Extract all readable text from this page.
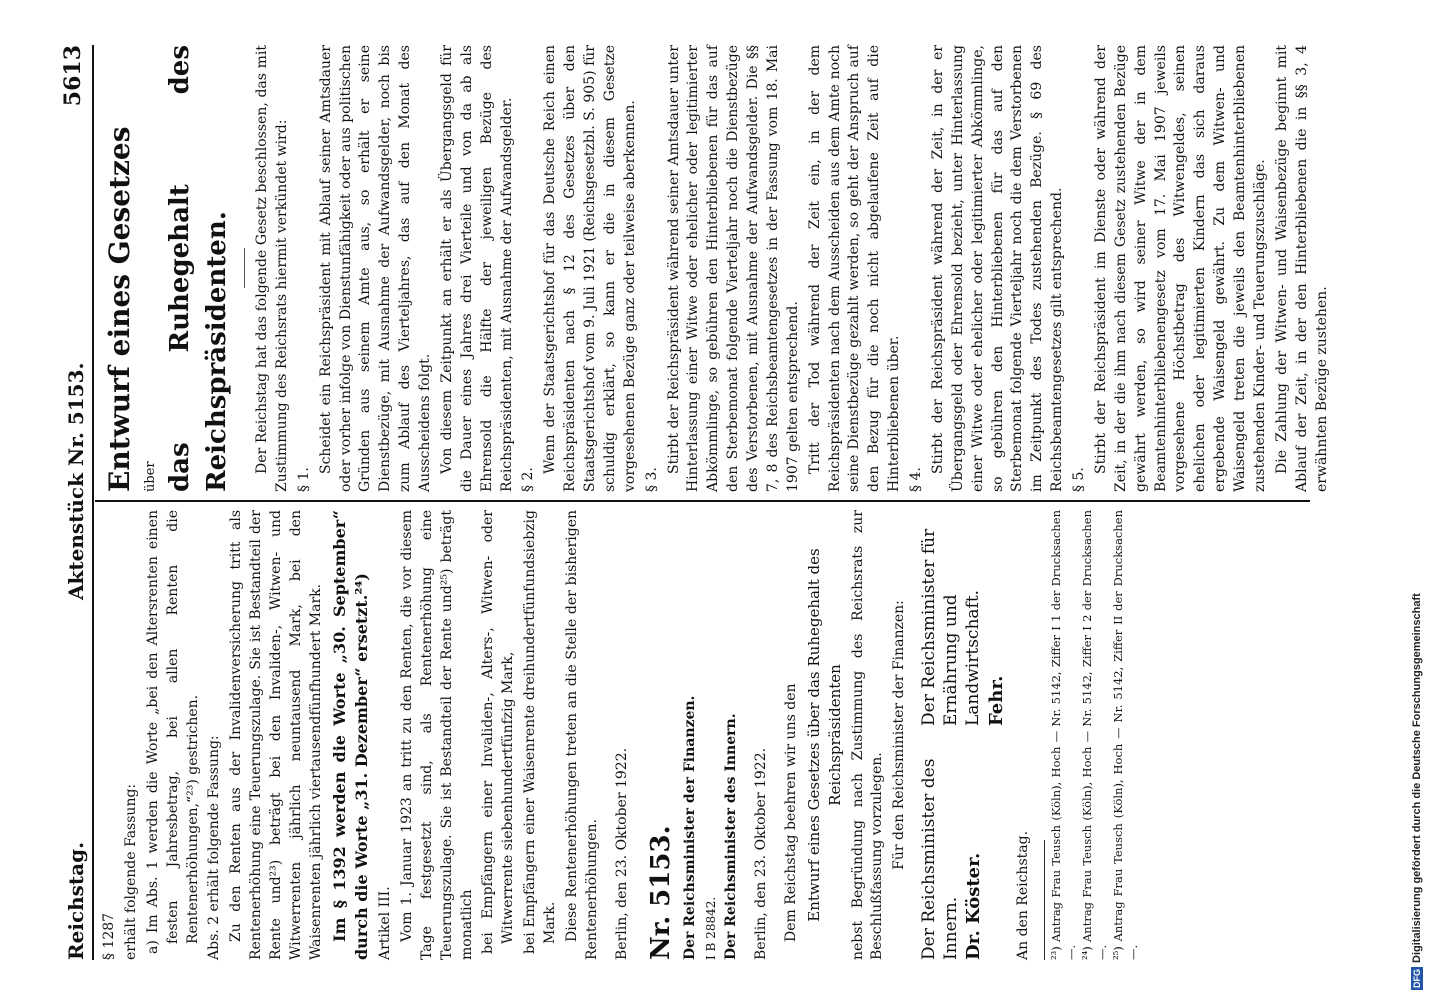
Reichstag.
Aktenstück Nr. 5153.
5613

§ 1287 erhält folgende Fassung: a) Im Abs. 1 werden die Worte „bei den Altersrenten einen festen Jahresbetrag, bei allen Renten die Rentenerhöhungen,“²³) gestrichen. Abs. 2 erhält folgende Fassung: Zu den Renten aus der Invalidenversicherung tritt als Rentenerhöhung eine Teuerungszulage. Sie ist Bestandteil der Rente und²³) beträgt bei den Invaliden-, Witwen- und Witwerrenten jährlich neuntausend Mark, bei den Waisenrenten jährlich viertausendfünfhundert Mark. Im § 1392 werden die Worte „30. September“ durch die Worte „31. Dezember“ ersetzt.²⁴) Artikel III. Vom 1. Januar 1923 an tritt zu den Renten, die vor diesem Tage festgesetzt sind, als Rentenerhöhung eine Teuerungszulage. Sie ist Bestandteil der Rente und²⁵) beträgt monatlich bei Empfängern einer Invaliden-, Alters-, Witwen- oder Witwerrente siebenhundertfünfzig Mark, bei Empfängern einer Waisenrente dreihundertfünfundsiebzig Mark. Diese Rentenerhöhungen treten an die Stelle der bisherigen Rentenerhöhungen. Berlin, den 23. Oktober 1922. Nr. 5153. Der Reichsminister der Finanzen. I B 28842. Der Reichsminister des Innern. Berlin, den 23. Oktober 1922. Dem Reichstag beehren wir uns den Entwurf eines Gesetzes über das Ruhegehalt des Reichspräsidenten nebst Begründung nach Zustimmung des Reichsrats zur Beschlußfassung vorzulegen. Für den Reichsminister der Finanzen: Der Reichsminister des Innern. Dr. Köster.
Der Reichsminister für Ernährung und Landwirtschaft. Fehr.

An den Reichstag. ²³) Antrag Frau Teusch (Köln), Hoch — Nr. 5142, Ziffer I 1 der Drucksachen —. ²⁴) Antrag Frau Teusch (Köln), Hoch — Nr. 5142, Ziffer I 2 der Drucksachen —. ²⁵) Antrag Frau Teusch (Köln), Hoch — Nr. 5142, Ziffer II der Drucksachen —.

Entwurf eines Gesetzes über das Ruhegehalt des Reichspräsidenten. Der Reichstag hat das folgende Gesetz beschlossen, das mit Zustimmung des Reichsrats hiermit verkündet wird: § 1.

Scheidet ein Reichspräsident mit Ablauf seiner Amtsdauer oder vorher infolge von Dienstunfähigkeit oder aus politischen Gründen aus seinem Amte aus, so erhält er seine Dienstbezüge, mit Ausnahme der Aufwandsgelder, noch bis zum Ablauf des Vierteljahres, das auf den Monat des Ausscheidens folgt. Von diesem Zeitpunkt an erhält er als Übergangsgeld für die Dauer eines Jahres drei Vierteile und von da ab als Ehrensold die Hälfte der jeweiligen Bezüge des Reichspräsidenten, mit Ausnahme der Aufwandsgelder. § 2.

Wenn der Staatsgerichtshof für das Deutsche Reich einen Reichspräsidenten nach § 12 des Gesetzes über den Staatsgerichtshof vom 9. Juli 1921 (Reichsgesetzbl. S. 905) für schuldig erklärt, so kann er die in diesem Gesetze vorgesehenen Bezüge ganz oder teilweise aberkennen. § 3.

Stirbt der Reichspräsident während seiner Amtsdauer unter Hinterlassung einer Witwe oder ehelicher oder legitimierter Abkömmlinge, so gebühren den Hinterbliebenen für das auf den Sterbemonat folgende Vierteljahr noch die Dienstbezüge des Verstorbenen, mit Ausnahme der Aufwandsgelder. Die §§ 7, 8 des Reichsbeamtengesetzes in der Fassung vom 18. Mai 1907 gelten entsprechend. Tritt der Tod während der Zeit ein, in der dem Reichspräsidenten nach dem Ausscheiden aus dem Amte noch seine Dienstbezüge gezahlt werden, so geht der Anspruch auf den Bezug für die noch nicht abgelaufene Zeit auf die Hinterbliebenen über. § 4.

Stirbt der Reichspräsident während der Zeit, in der er Übergangsgeld oder Ehrensold bezieht, unter Hinterlassung einer Witwe oder ehelicher oder legitimierter Abkömmlinge, so gebühren den Hinterbliebenen für das auf den Sterbemonat folgende Vierteljahr noch die dem Verstorbenen im Zeitpunkt des Todes zustehenden Bezüge. § 69 des Reichsbeamtengesetzes gilt entsprechend. § 5.

Stirbt der Reichspräsident im Dienste oder während der Zeit, in der die ihm nach diesem Gesetz zustehenden Bezüge gewährt werden, so wird seiner Witwe der in dem Beamtenhinterbliebenengesetz vom 17. Mai 1907 jeweils vorgesehene Höchstbetrag des Witwengeldes, seinen ehelichen oder legitimierten Kindern das sich daraus ergebende Waisengeld gewährt. Zu dem Witwen- und Waisengeld treten die jeweils den Beamtenhinterbliebenen zustehenden Kinder- und Teuerungszuschläge. Die Zahlung der Witwen- und Waisenbezüge beginnt mit Ablauf der Zeit, in der den Hinterbliebenen die in §§ 3, 4 erwähnten Bezüge zustehen.

DFG
Digitalisierung gefördert durch die Deutsche Forschungsgemeinschaft
